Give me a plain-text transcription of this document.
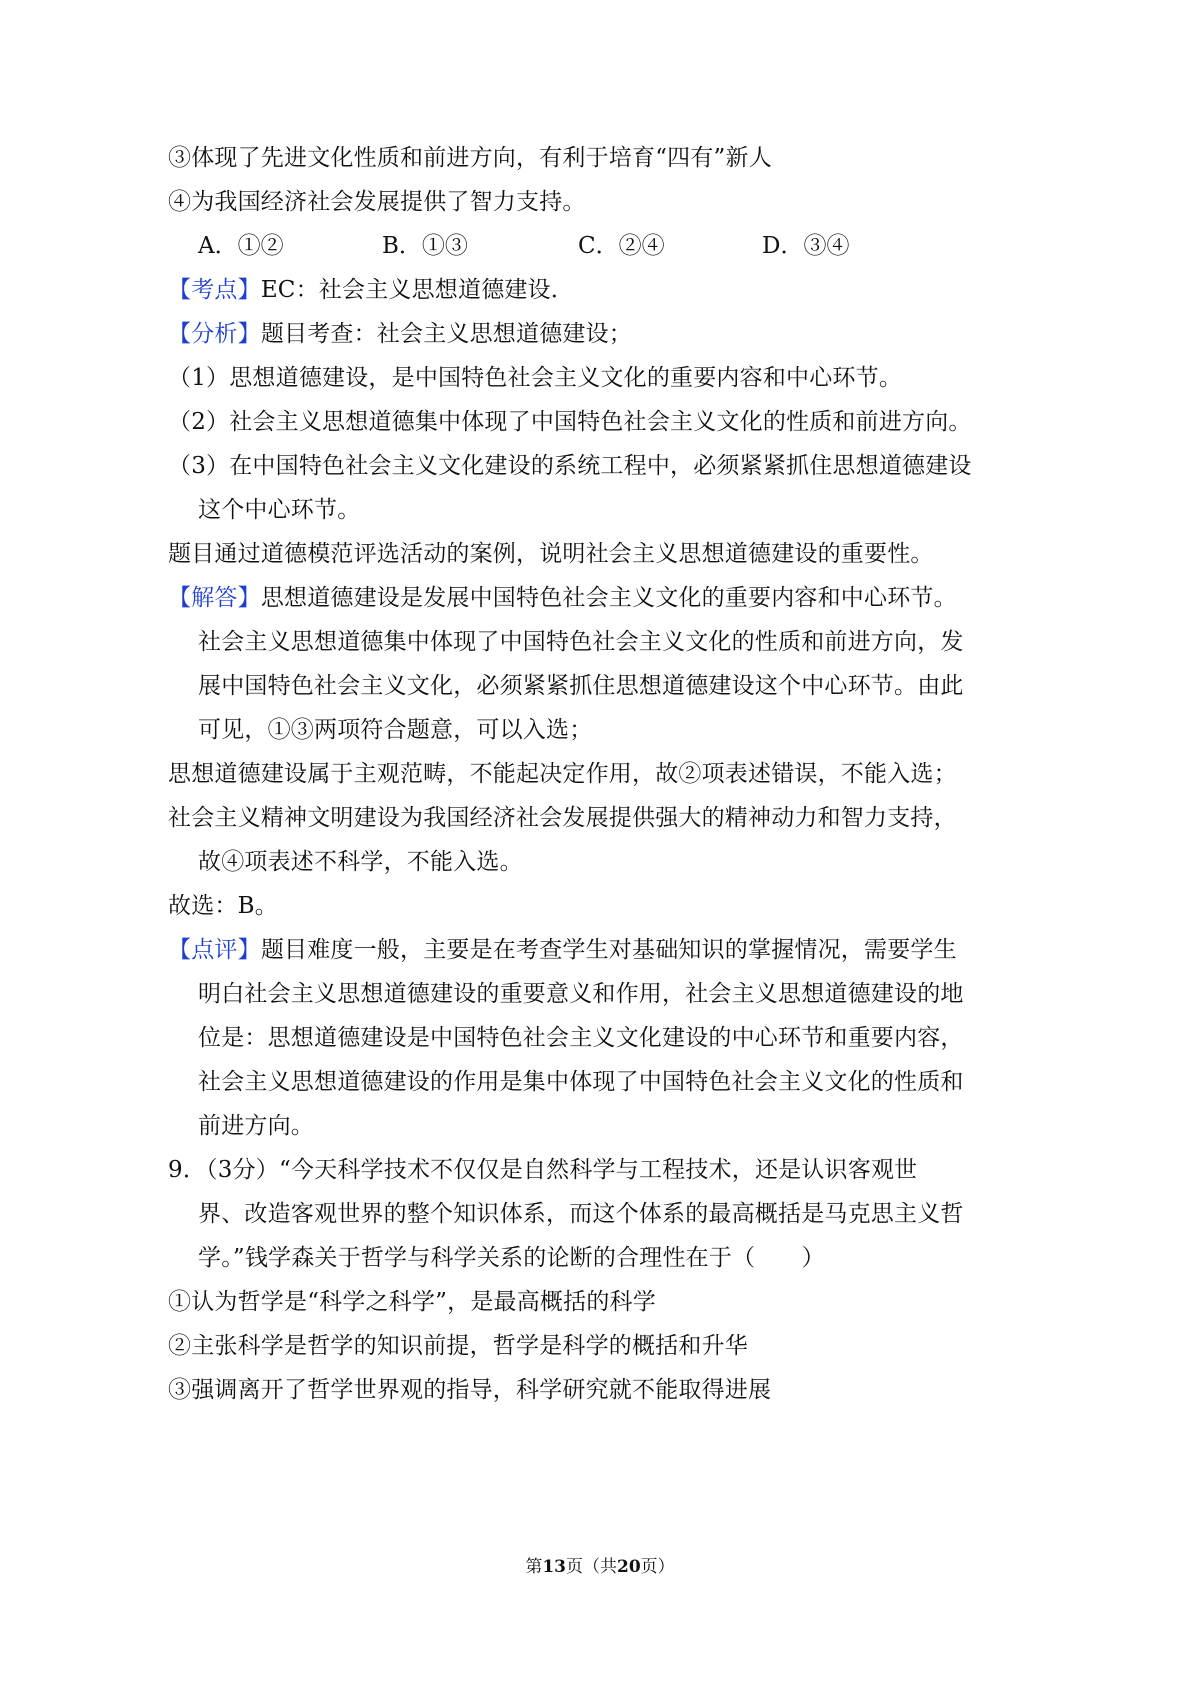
③体现了先进文化性质和前进方向，有利于培育“四有”新人
④为我国经济社会发展提供了智力支持。
A．①②	B．①③	C．②④	D．③④
【考点】EC：社会主义思想道德建设．
【分析】题目考查：社会主义思想道德建设；
（1）思想道德建设，是中国特色社会主义文化的重要内容和中心环节。
（2）社会主义思想道德集中体现了中国特色社会主义文化的性质和前进方向。
（3）在中国特色社会主义文化建设的系统工程中，必须紧紧抓住思想道德建设
这个中心环节。
题目通过道德模范评选活动的案例，说明社会主义思想道德建设的重要性。
【解答】思想道德建设是发展中国特色社会主义文化的重要内容和中心环节。
社会主义思想道德集中体现了中国特色社会主义文化的性质和前进方向，发
展中国特色社会主义文化，必须紧紧抓住思想道德建设这个中心环节。由此
可见，①③两项符合题意，可以入选；
思想道德建设属于主观范畴，不能起决定作用，故②项表述错误，不能入选；
社会主义精神文明建设为我国经济社会发展提供强大的精神动力和智力支持，
故④项表述不科学，不能入选。
故选：B。
【点评】题目难度一般，主要是在考查学生对基础知识的掌握情况，需要学生
明白社会主义思想道德建设的重要意义和作用，社会主义思想道德建设的地
位是：思想道德建设是中国特色社会主义文化建设的中心环节和重要内容，
社会主义思想道德建设的作用是集中体现了中国特色社会主义文化的性质和
前进方向。
9．（3分）“今天科学技术不仅仅是自然科学与工程技术，还是认识客观世
界、改造客观世界的整个知识体系，而这个体系的最高概括是马克思主义哲
学。”钱学森关于哲学与科学关系的论断的合理性在于（　　）
①认为哲学是“科学之科学”，是最高概括的科学
②主张科学是哲学的知识前提，哲学是科学的概括和升华
③强调离开了哲学世界观的指导，科学研究就不能取得进展
第13页（共20页）
